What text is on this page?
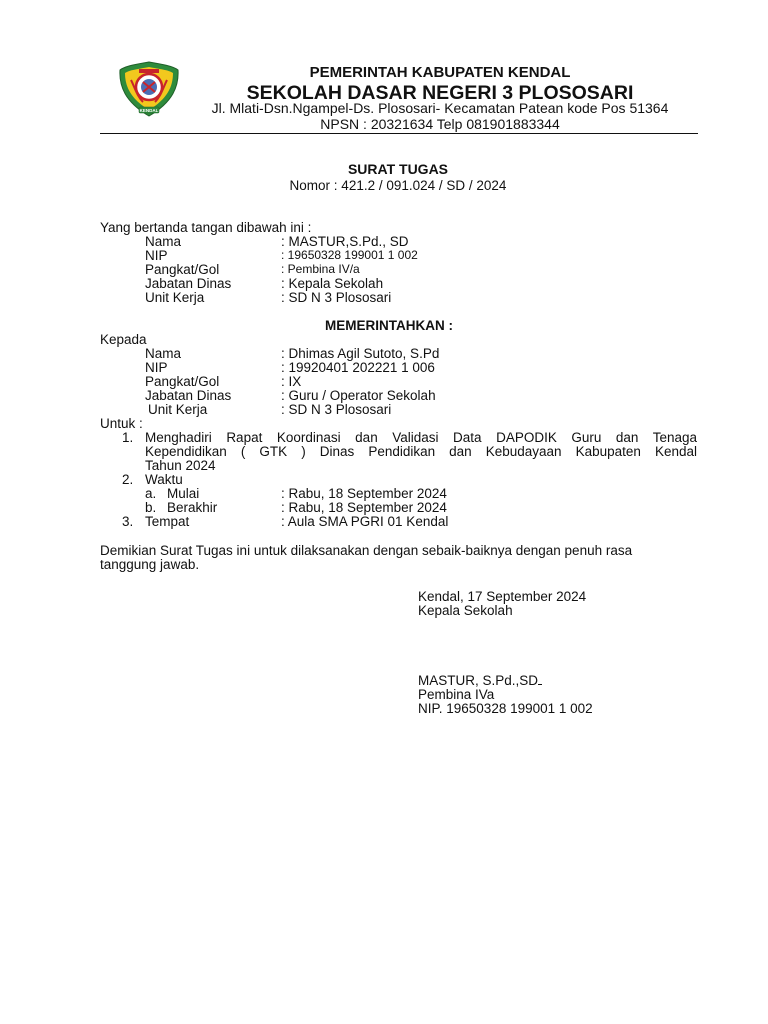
KENDAL
PEMERINTAH KABUPATEN KENDAL
SEKOLAH DASAR NEGERI 3 PLOSOSARI
Jl. Mlati-Dsn.Ngampel-Ds. Plososari- Kecamatan Patean kode Pos 51364
NPSN : 20321634 Telp 081901883344
SURAT TUGAS
Nomor : 421.2 / 091.024 / SD / 2024
Yang bertanda tangan dibawah ini :
Nama	: MASTUR,S.Pd., SD
NIP	: 19650328 199001 1 002
Pangkat/Gol	: Pembina IV/a
Jabatan Dinas	: Kepala Sekolah
Unit Kerja	: SD N 3 Plososari
MEMERINTAHKAN :
Kepada
Nama	: Dhimas Agil Sutoto, S.Pd
NIP	: 19920401 202221 1 006
Pangkat/Gol	: IX
Jabatan Dinas	: Guru / Operator Sekolah
Unit Kerja	: SD N 3 Plososari
Untuk :
1. Menghadiri Rapat Koordinasi dan Validasi Data DAPODIK Guru dan Tenaga
Kependidikan ( GTK ) Dinas Pendidikan dan Kebudayaan Kabupaten Kendal
Tahun 2024
2. Waktu
a. Mulai	: Rabu, 18 September 2024
b. Berakhir	: Rabu, 18 September 2024
3. Tempat	: Aula SMA PGRI 01 Kendal
Demikian Surat Tugas ini untuk dilaksanakan dengan sebaik-baiknya dengan penuh rasa
tanggung jawab.
Kendal, 17 September 2024
Kepala Sekolah
MASTUR, S.Pd.,SD
Pembina IVa
NIP. 19650328 199001 1 002
